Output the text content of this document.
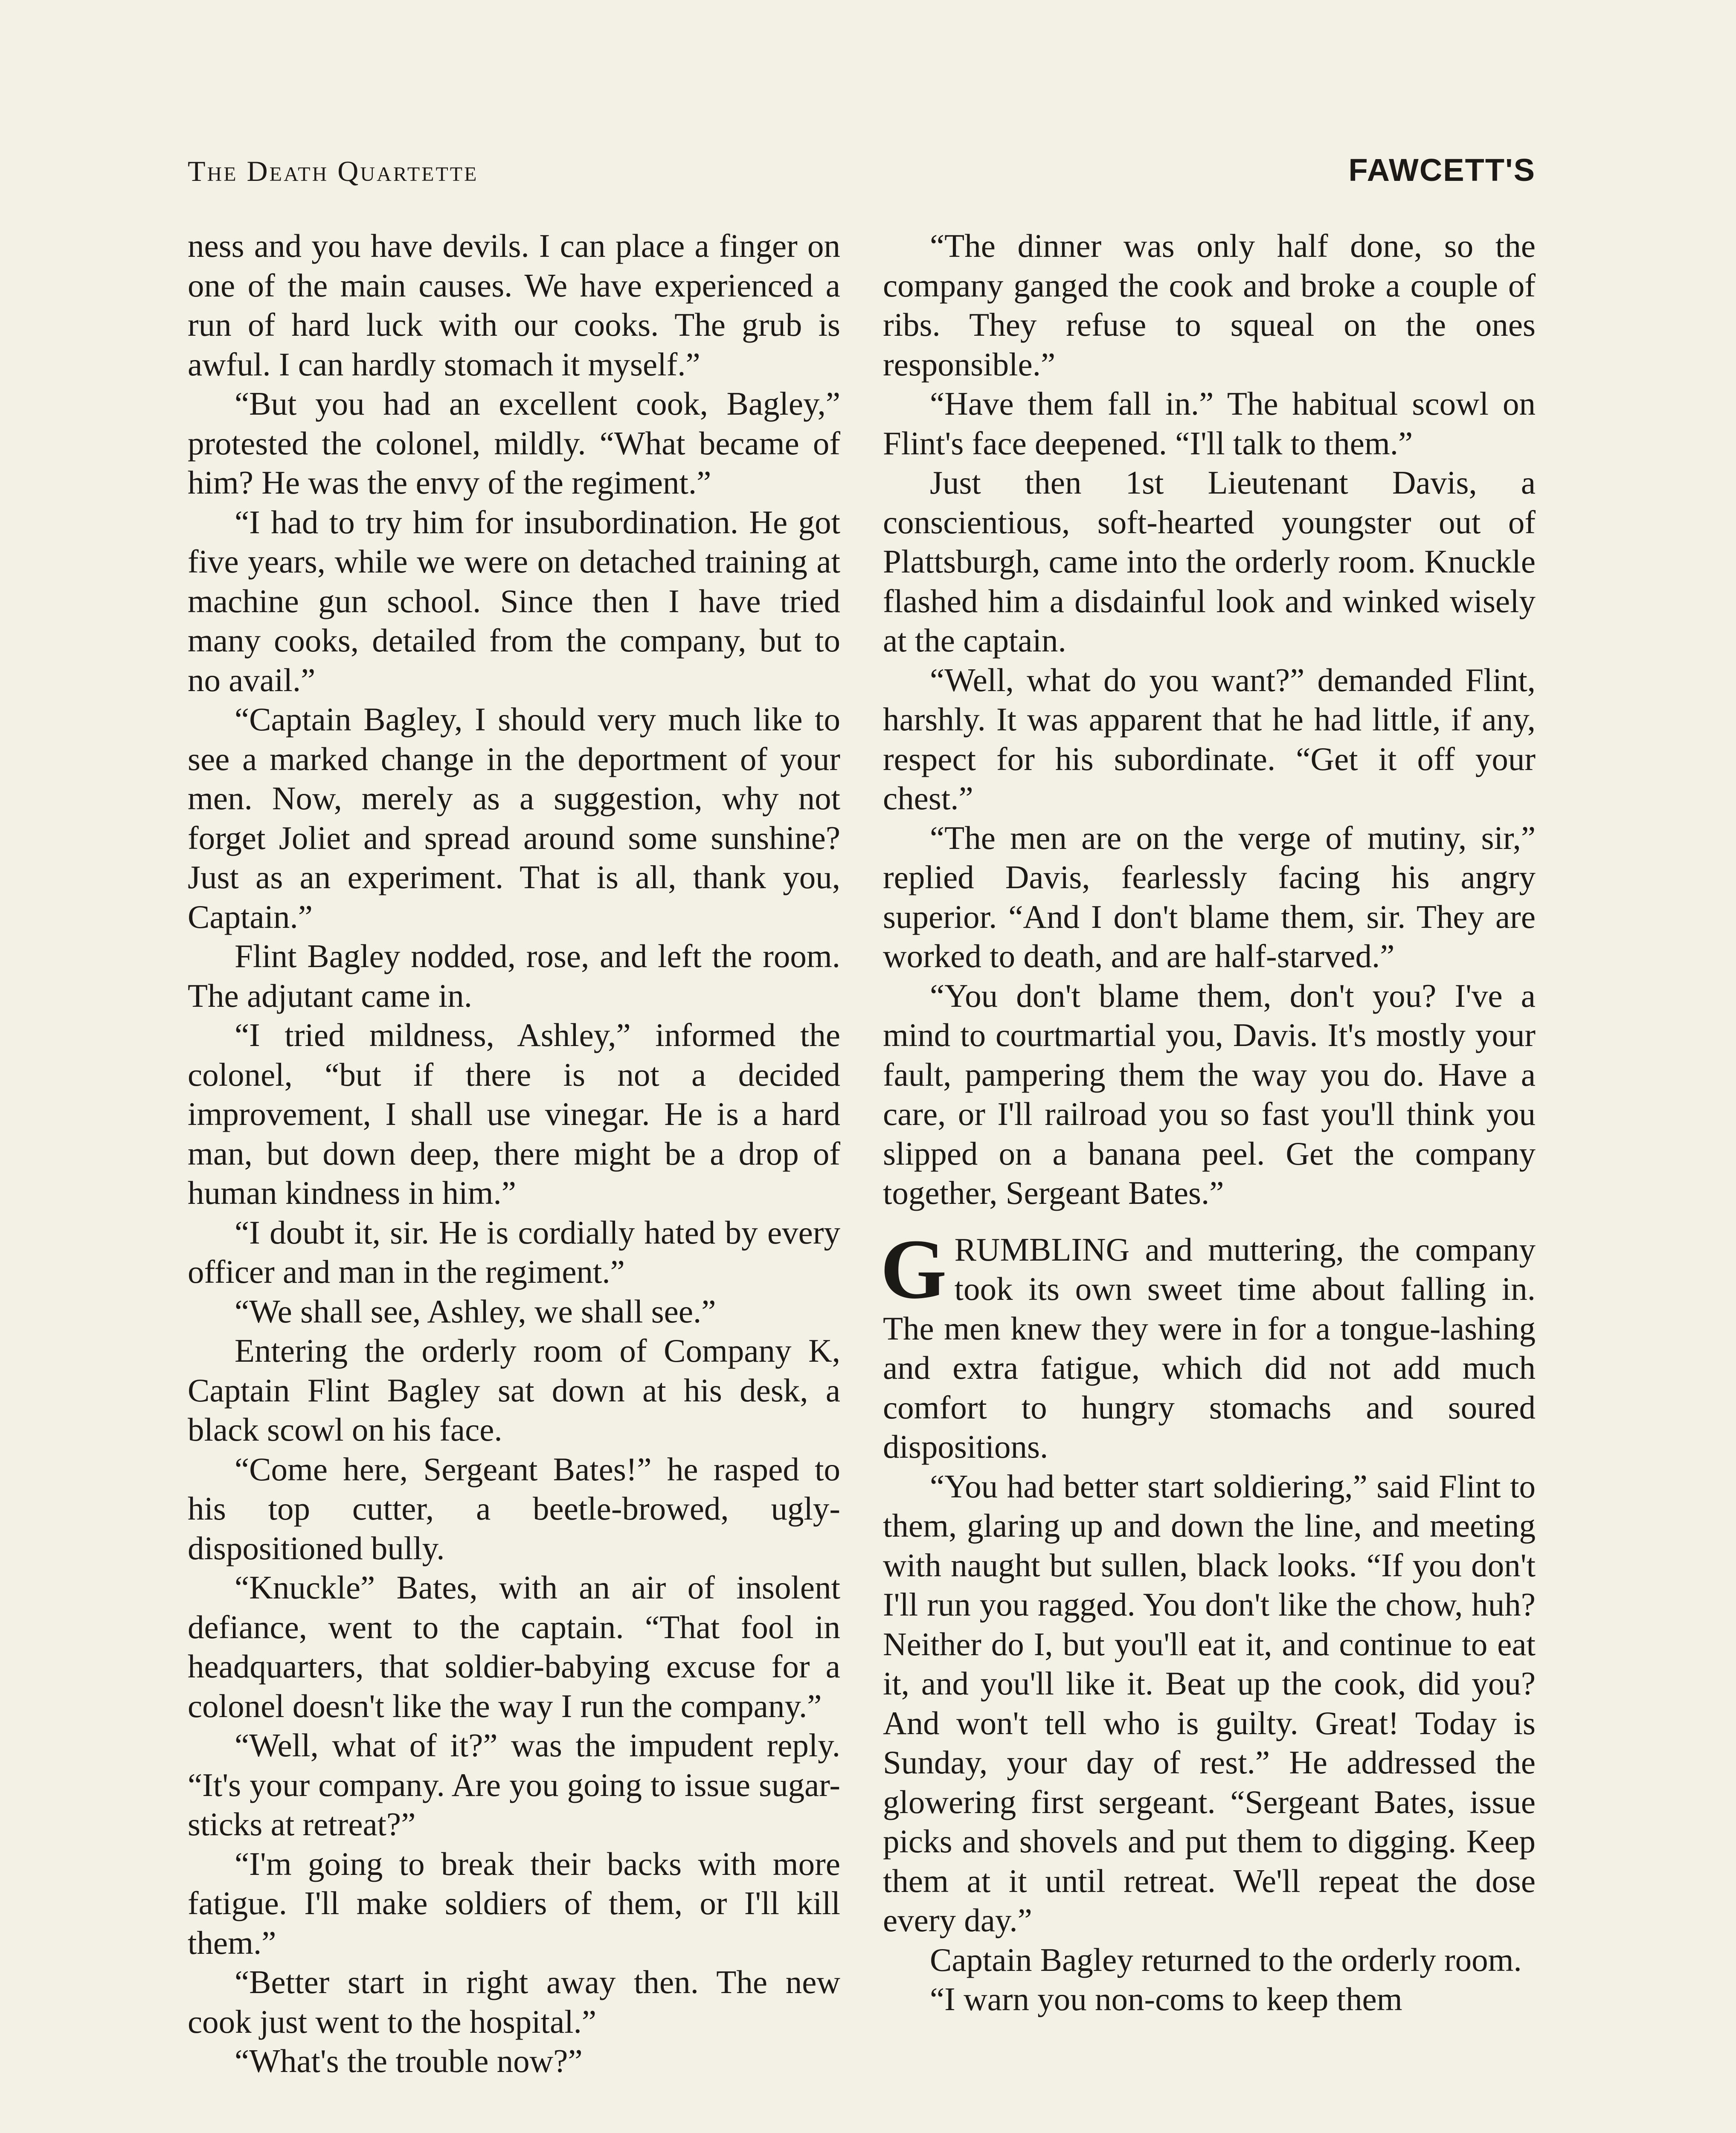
The Death Quartette	FAWCETT'S

ness and you have devils. I can place a finger on one of the main causes. We have experienced a run of hard luck with our cooks. The grub is awful. I can hardly stomach it myself.”

“But you had an excellent cook, Bagley,” protested the colonel, mildly. “What became of him? He was the envy of the regiment.”

“I had to try him for insubordination. He got five years, while we were on detached training at machine gun school. Since then I have tried many cooks, detailed from the company, but to no avail.”

“Captain Bagley, I should very much like to see a marked change in the deportment of your men. Now, merely as a suggestion, why not forget Joliet and spread around some sunshine? Just as an experiment. That is all, thank you, Captain.”

Flint Bagley nodded, rose, and left the room. The adjutant came in.

“I tried mildness, Ashley,” informed the colonel, “but if there is not a decided improvement, I shall use vinegar. He is a hard man, but down deep, there might be a drop of human kindness in him.”

“I doubt it, sir. He is cordially hated by every officer and man in the regiment.”

“We shall see, Ashley, we shall see.”

Entering the orderly room of Company K, Captain Flint Bagley sat down at his desk, a black scowl on his face.

“Come here, Sergeant Bates!” he rasped to his top cutter, a beetle-browed, ugly-dispositioned bully.

“Knuckle” Bates, with an air of insolent defiance, went to the captain. “That fool in headquarters, that soldier-babying excuse for a colonel doesn't like the way I run the company.”

“Well, what of it?” was the impudent reply. “It's your company. Are you going to issue sugar-sticks at retreat?”

“I'm going to break their backs with more fatigue. I'll make soldiers of them, or I'll kill them.”

“Better start in right away then. The new cook just went to the hospital.”

“What's the trouble now?”

“The dinner was only half done, so the company ganged the cook and broke a couple of ribs. They refuse to squeal on the ones responsible.”

“Have them fall in.” The habitual scowl on Flint's face deepened. “I'll talk to them.”

Just then 1st Lieutenant Davis, a conscientious, soft-hearted youngster out of Plattsburgh, came into the orderly room. Knuckle flashed him a disdainful look and winked wisely at the captain.

“Well, what do you want?” demanded Flint, harshly. It was apparent that he had little, if any, respect for his subordinate. “Get it off your chest.”

“The men are on the verge of mutiny, sir,” replied Davis, fearlessly facing his angry superior. “And I don't blame them, sir. They are worked to death, and are half-starved.”

“You don't blame them, don't you? I've a mind to courtmartial you, Davis. It's mostly your fault, pampering them the way you do. Have a care, or I'll railroad you so fast you'll think you slipped on a banana peel. Get the company together, Sergeant Bates.”

GRUMBLING and muttering, the company took its own sweet time about falling in. The men knew they were in for a tongue-lashing and extra fatigue, which did not add much comfort to hungry stomachs and soured dispositions.

“You had better start soldiering,” said Flint to them, glaring up and down the line, and meeting with naught but sullen, black looks. “If you don't I'll run you ragged. You don't like the chow, huh? Neither do I, but you'll eat it, and continue to eat it, and you'll like it. Beat up the cook, did you? And won't tell who is guilty. Great! Today is Sunday, your day of rest.” He addressed the glowering first sergeant. “Sergeant Bates, issue picks and shovels and put them to digging. Keep them at it until retreat. We'll repeat the dose every day.”

Captain Bagley returned to the orderly room.

“I warn you non-coms to keep them
